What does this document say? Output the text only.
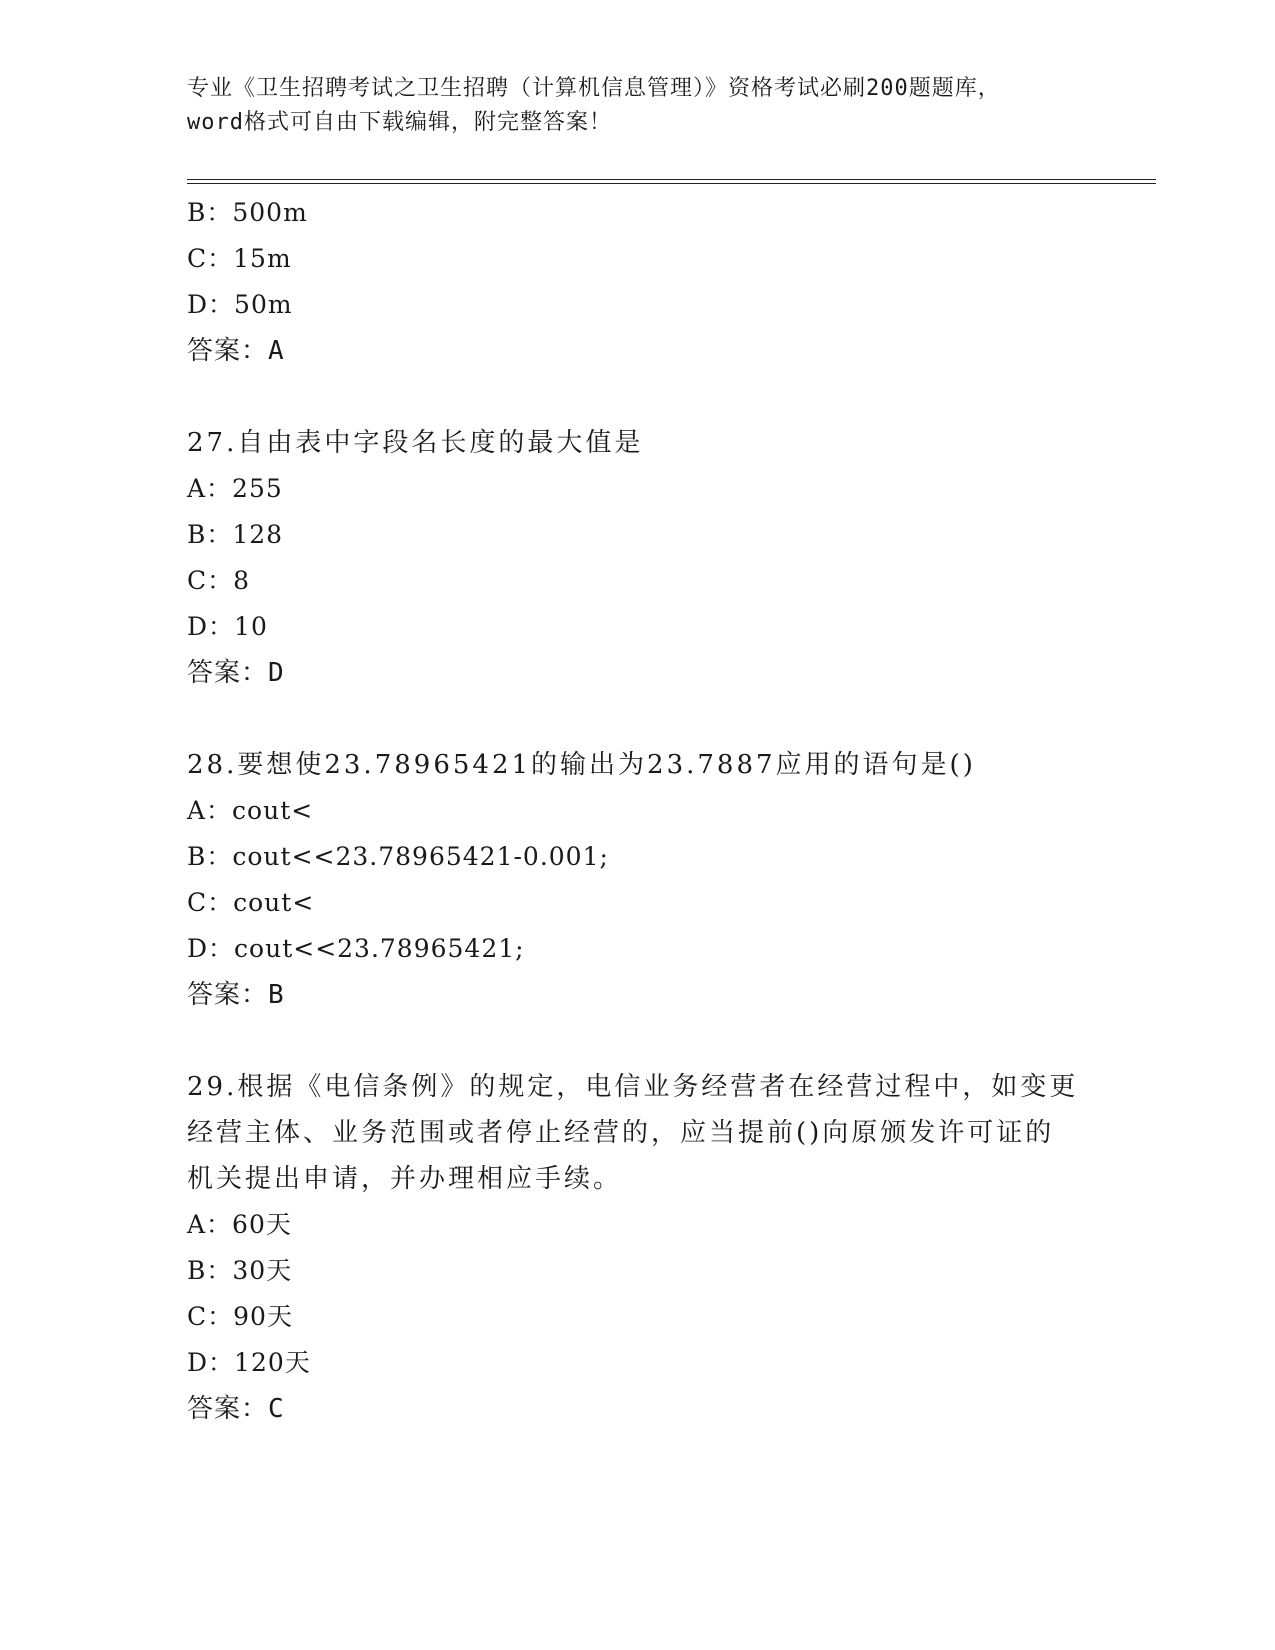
专业《卫生招聘考试之卫生招聘（计算机信息管理）》资格考试必刷200题题库，
word格式可自由下载编辑，附完整答案！
B：500m
C：15m
D：50m
答案：A
27.自由表中字段名长度的最大值是
A：255
B：128
C：8
D：10
答案：D
28.要想使23.78965421的输出为23.7887应用的语句是()
A：cout<
B：cout<<23.78965421-0.001;
C：cout<
D：cout<<23.78965421;
答案：B
29.根据《电信条例》的规定，电信业务经营者在经营过程中，如变更
经营主体、业务范围或者停止经营的，应当提前()向原颁发许可证的
机关提出申请，并办理相应手续。
A：60天
B：30天
C：90天
D：120天
答案：C
